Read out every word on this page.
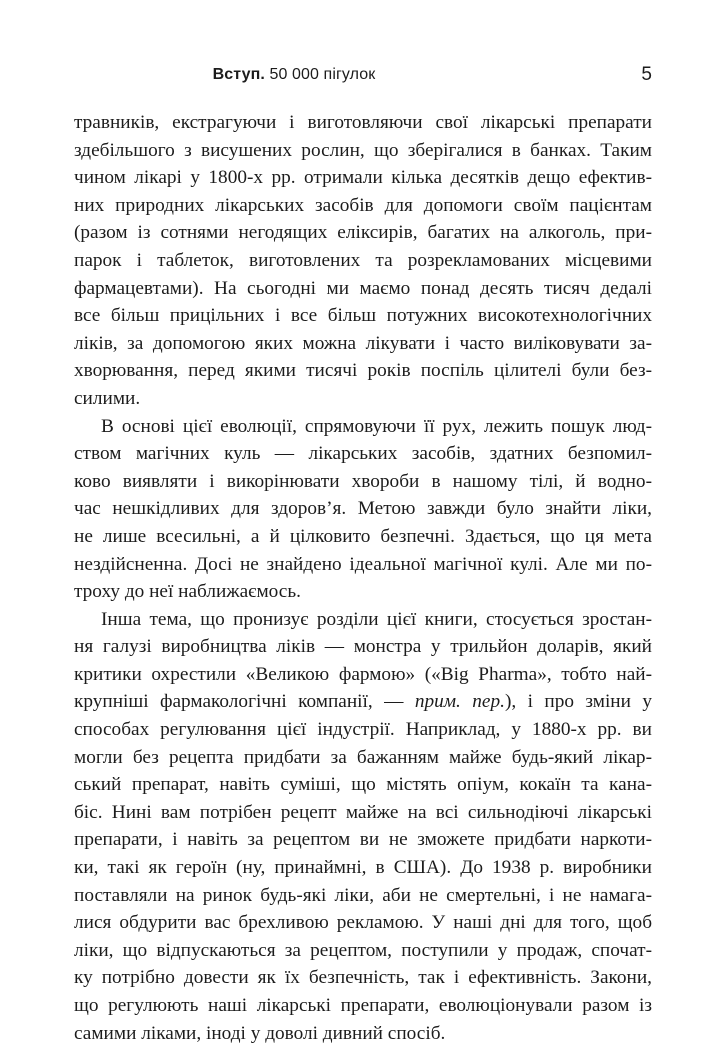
Вступ. 50 000 пігулок	5
травників, екстрагуючи і виготовляючи свої лікарські препарати
здебільшого з висушених рослин, що зберігалися в банках. Таким
чином лікарі у 1800-х рр. отримали кілька десятків дещо ефектив-
них природних лікарських засобів для допомоги своїм пацієнтам
(разом із сотнями негодящих еліксирів, багатих на алкоголь, при-
парок і таблеток, виготовлених та розрекламованих місцевими
фармацевтами). На сьогодні ми маємо понад десять тисяч дедалі
все більш прицільних і все більш потужних високотехнологічних
ліків, за допомогою яких можна лікувати і часто виліковувати за-
хворювання, перед якими тисячі років поспіль цілителі були без-
силими.
В основі цієї еволюції, спрямовуючи її рух, лежить пошук люд-
ством магічних куль — лікарських засобів, здатних безпомил-
ково виявляти і викорінювати хвороби в нашому тілі, й водно-
час нешкідливих для здоров’я. Метою завжди було знайти ліки,
не лише всесильні, а й цілковито безпечні. Здається, що ця мета
нездійсненна. Досі не знайдено ідеальної магічної кулі. Але ми по-
троху до неї наближаємось.
Інша тема, що пронизує розділи цієї книги, стосується зростан-
ня галузі виробництва ліків — монстра у трильйон доларів, який
критики охрестили «Великою фармою» («Big Pharma», тобто най-
крупніші фармакологічні компанії, — прим. пер.), і про зміни у
способах регулювання цієї індустрії. Наприклад, у 1880-х рр. ви
могли без рецепта придбати за бажанням майже будь-який лікар-
ський препарат, навіть суміші, що містять опіум, кокаїн та кана-
біс. Нині вам потрібен рецепт майже на всі сильнодіючі лікарські
препарати, і навіть за рецептом ви не зможете придбати наркоти-
ки, такі як героїн (ну, принаймні, в США). До 1938 р. виробники
поставляли на ринок будь-які ліки, аби не смертельні, і не намага-
лися обдурити вас брехливою рекламою. У наші дні для того, щоб
ліки, що відпускаються за рецептом, поступили у продаж, спочат-
ку потрібно довести як їх безпечність, так і ефективність. Закони,
що регулюють наші лікарські препарати, еволюціонували разом із
самими ліками, іноді у доволі дивний спосіб.
